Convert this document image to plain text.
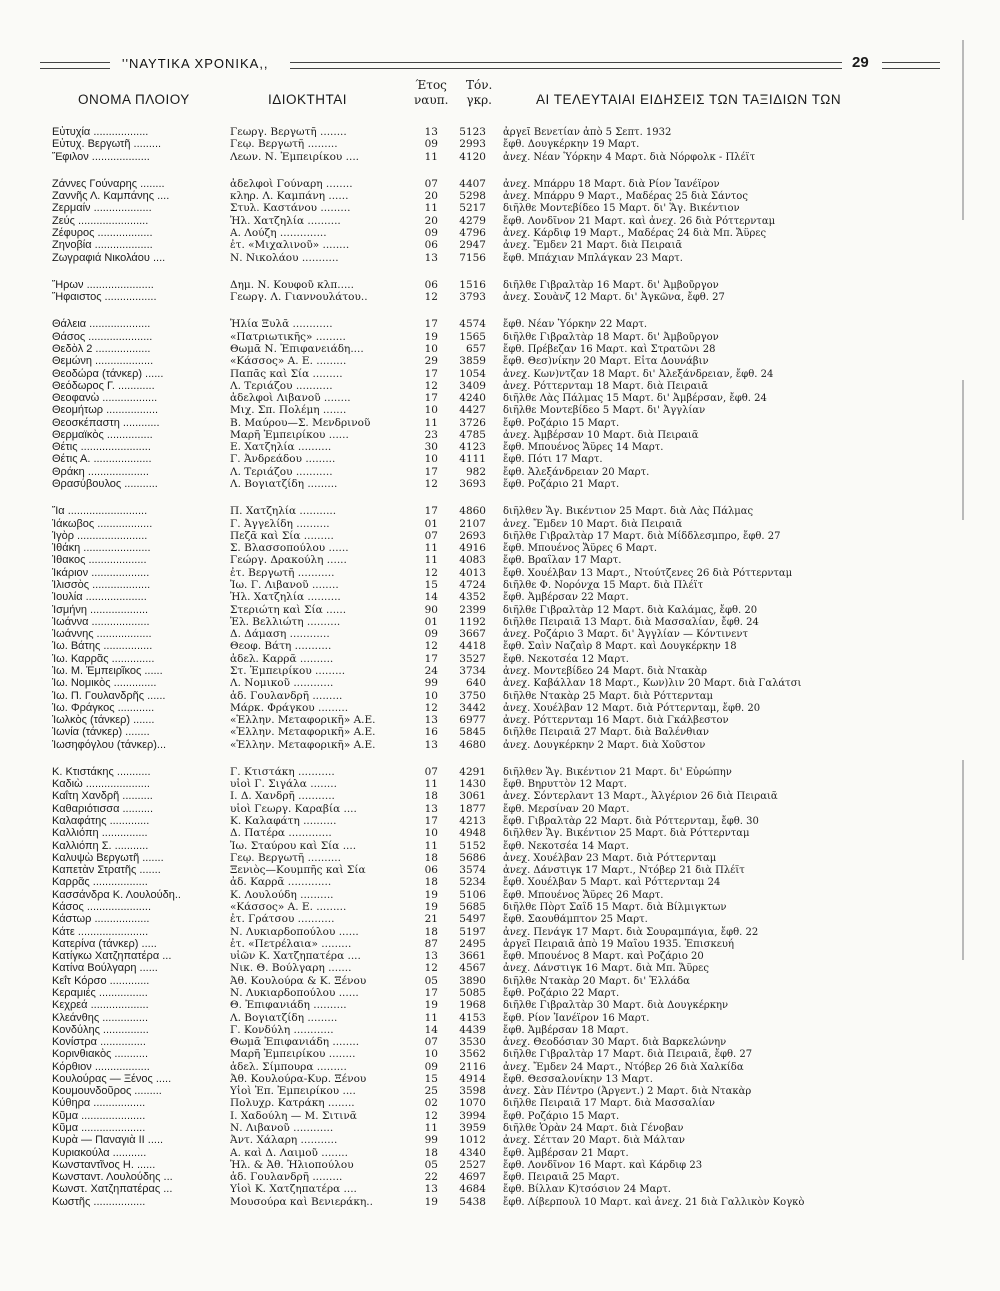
''ΝΑΥΤΙΚΑ ΧΡΟΝΙΚΑ,,	29
ΟΝΟΜΑ ΠΛΟΙΟΥ	ΙΔΙΟΚΤΗΤΑΙ
Έτος
ναυπ.
Τόν.
γκρ.	ΑΙ ΤΕΛΕΥΤΑΙΑΙ ΕΙΔΗΣΕΙΣ ΤΩΝ ΤΑΞΙΔΙΩΝ ΤΩΝ
Εὐτυχία ..................	Γεωργ. Βεργωτῆ ........	13	5123 ἀργεῖ Βενετίαν ἀπὸ 5 Σεπτ. 1932
Εὐτυχ. Βεργωτῆ .........	Γεῳ. Βεργωτῆ .........	09	2993 ἔφθ. Δουγκέρκην 19 Μαρτ.
Ἔφιλον ...................	Λεων. Ν. Ἐμπειρίκου ....	11	4120 ἀνεχ. Νέαν Ὑόρκην 4 Μαρτ. διὰ Νόρφολκ - Πλέϊτ
Ζάννες Γούναρης ........	ἀδελφοὶ Γούναρη ........	07	4407 ἀνεχ. Μπάρρυ 18 Μαρτ. διὰ Ρίον Ἰανέϊρον
Ζαννῆς Λ. Καμπάνης ....	κληρ. Λ. Καμπάνη ......	20	5298 ἀνεχ. Μπάρρυ 9 Μαρτ., Μαδέρας 25 διὰ Σάντος
Ζερμαίν ...................	Στυλ. Καστάνου .........	11	5217 διῆλθε Μοντεβίδεο 15 Μαρτ. δι' Ἅγ. Βικέντιον
Ζεύς .......................	Ἠλ. Χατζηλία ..........	20	4279 ἔφθ. Λονδῖνον 21 Μαρτ. καὶ ἀνεχ. 26 διὰ Ρόττερνταμ
Ζέφυρος ..................	Α. Λούζη ..............	09	4796 ἀνεχ. Κάρδιφ 19 Μαρτ., Μαδέρας 24 διὰ Μπ. Ἄϋρες
Ζηνοβία ...................	ἐτ. «Μιχαλινοῦ» ........	06	2947 ἀνεχ. Ἔμδεν 21 Μαρτ. διὰ Πειραιᾶ
Ζωγραφιά Νικολάου ....	Ν. Νικολάου ...........	13	7156 ἔφθ. Μπάχιαν Μπλάγκαν 23 Μαρτ.
Ἥρων ......................	Δημ. Ν. Κουφοῦ κλπ.....	06	1516 διῆλθε Γιβραλτὰρ 16 Μαρτ. δι' Ἀμβοῦργον
Ἥφαιστος .................	Γεωργ. Λ. Γιαννουλάτου..	12	3793 ἀνεχ. Σουὰνζ 12 Μαρτ. δι' Ἀγκῶνα, ἔφθ. 27
Θάλεια ....................	Ἠλία Ξυλᾶ ............	17	4574 ἔφθ. Νέαν Ὑόρκην 22 Μαρτ.
Θάσος .....................	«Πατριωτικῆς» .........	19	1565 διῆλθε Γιβραλτὰρ 18 Μαρτ. δι' Ἀμβοῦργον
Θεδὸλ 2 ..................	Θωμᾶ Ν. Ἐπιφανειάδη....	10	657 ἔφθ. Πρέβεζαν 16 Μαρτ. καὶ Στρατῶνι 28
Θεμώνη ...................	«Κάσσος» Α. Ε. .........	29	3859 ἔφθ. Θεσ)νίκην 20 Μαρτ. Εἶτα Δουνάβιν
Θεοδώρα (τάνκερ) ......	Παπᾶς καὶ Σία .........	17	1054 ἀνεχ. Κων)ντζαν 18 Μαρτ. δι' Ἀλεξάνδρειαν, ἔφθ. 24
Θεόδωρος Γ. ............	Λ. Τεριάζου ...........	12	3409 ἀνεχ. Ρόττερνταμ 18 Μαρτ. διὰ Πειραιᾶ
Θεοφανὼ ..................	ἀδελφοὶ Λιβανοῦ ........	17	4240 διῆλθε Λὰς Πάλμας 15 Μαρτ. δι' Ἀμβέρσαν, ἔφθ. 24
Θεομήτωρ .................	Μιχ. Σπ. Πολέμη .......	10	4427 διῆλθε Μοντεβίδεο 5 Μαρτ. δι' Ἀγγλίαν
Θεοσκέπαστη ............	Β. Μαύρου—Σ. Μενδρινοῦ	11	3726 ἔφθ. Ροζάριο 15 Μαρτ.
Θερμαϊκὸς ...............	Μαρῆ Ἐμπειρίκου ......	23	4785 ἀνεχ. Ἀμβέρσαν 10 Μαρτ. διὰ Πειραιᾶ
Θέτις .......................	Ε. Χατζηλία ..........	30	4123 ἔφθ. Μπουένος Ἄϋρες 14 Μαρτ.
Θέτις Α. ...................	Γ. Ἀνδρεάδου .........	10	4111 ἔφθ. Πότι 17 Μαρτ.
Θράκη ....................	Λ. Τεριάζου ...........	17	982 ἔφθ. Ἀλεξάνδρειαν 20 Μαρτ.
Θρασύβουλος ...........	Λ. Βογιατζίδη .........	12	3693 ἔφθ. Ροζάριο 21 Μαρτ.
Ἴα ..........................	Π. Χατζηλία ...........	17	4860 διῆλθεν Ἅγ. Βικέντιον 25 Μαρτ. διὰ Λὰς Πάλμας
Ἰάκωβος ..................	Γ. Ἀγγελίδη ..........	01	2107 ἀνεχ. Ἔμδεν 10 Μαρτ. διὰ Πειραιᾶ
Ἰγὸρ .......................	Πεζᾶ καὶ Σία .........	07	2693 διῆλθε Γιβραλτὰρ 17 Μαρτ. διὰ Μίδδλεσμπρο, ἔφθ. 27
Ἰθάκη ......................	Σ. Βλασσοπούλου ......	11	4916 ἔφθ. Μπουένος Ἄϋρες 6 Μαρτ.
Ἰθακος ...................	Γεώργ. Δρακούλη ......	11	4083 ἔφθ. Βραΐλαν 17 Μαρτ.
Ἰκάριον ...................	ἐτ. Βεργωτῆ ...........	12	4013 ἔφθ. Χουέλβαν 13 Μαρτ., Ντούτζενες 26 διὰ Ρόττερνταμ
Ἰλισσὸς ...................	Ἰω. Γ. Λιβανοῦ ........	15	4724 διῆλθε Φ. Νορόνχα 15 Μαρτ. διὰ Πλέϊτ
Ἰουλία ....................	Ἠλ. Χατζηλία ..........	14	4352 ἔφθ. Ἀμβέρσαν 22 Μαρτ.
Ἰσμήνη ...................	Στεριώτη καὶ Σία ......	90	2399 διῆλθε Γιβραλτὰρ 12 Μαρτ. διὰ Καλάμας, ἔφθ. 20
Ἰωάννα ...................	Ἐλ. Βελλιώτη ..........	01	1192 διῆλθε Πειραιᾶ 13 Μαρτ. διὰ Μασσαλίαν, ἔφθ. 24
Ἰωάννης ..................	Δ. Δάμαση ............	09	3667 ἀνεχ. Ροζάριο 3 Μαρτ. δι' Ἀγγλίαν — Κόντινεντ
Ἰω. Βάτης ................	Θεοφ. Βάτη ...........	12	4418 ἔφθ. Σαὶν Ναζαὶρ 8 Μαρτ. καὶ Δουγκέρκην 18
Ἰω. Καρρᾶς ..............	ἀδελ. Καρρᾶ ..........	17	3527 ἔφθ. Νεκοτσέα 12 Μαρτ.
Ἰω. Μ. Ἐμπειρῖκος ......	Στ. Ἐμπειρίκου .........	24	3734 ἀνεχ. Μοντεβίδεο 24 Μαρτ. διὰ Ντακὰρ
Ἰω. Νομικὸς ..............	Λ. Νομικοῦ ............	99	640 ἀνεχ. Καβάλλαν 18 Μαρτ., Κων)λιν 20 Μαρτ. διὰ Γαλάτσι
Ἰω. Π. Γουλανδρῆς ......	ἀδ. Γουλανδρῆ .........	10	3750 διῆλθε Ντακὰρ 25 Μαρτ. διὰ Ρόττερνταμ
Ἰω. Φράγκος ............	Μάρκ. Φράγκου .........	12	3442 ἀνεχ. Χουέλβαν 12 Μαρτ. διὰ Ρόττερνταμ, ἔφθ. 20
Ἰωλκὸς (τάνκερ) .......	«Ἑλλην. Μεταφορικῆ» Α.Ε.	13	6977 ἀνεχ. Ρόττερνταμ 16 Μαρτ. διὰ Γκάλβεστον
Ἰωνία (τάνκερ) ........	«Ἑλλην. Μεταφορικῆ» Α.Ε.	16	5845 διῆλθε Πειραιᾶ 27 Μαρτ. διὰ Βαλένθιαν
Ἰωσηφόγλου (τάνκερ)...	«Ἑλλην. Μεταφορικῆ» Α.Ε.	13	4680 ἀνεχ. Δουγκέρκην 2 Μαρτ. διὰ Χοῦστον
Κ. Κτιστάκης ...........	Γ. Κτιστάκη ...........	07	4291 διῆλθεν Ἅγ. Βικέντιον 21 Μαρτ. δι' Εὐρώπην
Καδιὼ .....................	υἱοὶ Γ. Σιγάλα ........	11	1430 ἔφθ. Βηρυττὸν 12 Μαρτ.
Καΐτη Χανδρῆ ..........	Ι. Δ. Χανδρῆ ...........	18	3061 ἀνεχ. Σόντερλαντ 13 Μαρτ., Ἀλγέριον 26 διὰ Πειραιᾶ
Καθαριότισσα ..........	υἱοὶ Γεωργ. Καραβία ....	13	1877 ἔφθ. Μερσίναν 20 Μαρτ.
Καλαφάτης .............	Κ. Καλαφάτη ..........	17	4213 ἔφθ. Γιβραλτὰρ 22 Μαρτ. διὰ Ρόττερνταμ, ἔφθ. 30
Καλλιόπη ...............	Δ. Πατέρα .............	10	4948 διῆλθεν Ἅγ. Βικέντιον 25 Μαρτ. διὰ Ρόττερνταμ
Καλλιόπη Σ. ...........	Ἰω. Σταύρου καὶ Σία ....	11	5152 ἔφθ. Νεκοτσέα 14 Μαρτ.
Καλυψὼ Βεργωτῆ .......	Γεῳ. Βεργωτῆ ..........	18	5686 ἀνεχ. Χουέλβαν 23 Μαρτ. διὰ Ρόττερνταμ
Καπετὰν Στρατῆς .......	Ξενιὸς—Κουμπῆς καὶ Σία	06	3574 ἀνεχ. Δάνστιγκ 17 Μαρτ., Ντόβερ 21 διὰ Πλέϊτ
Καρρᾶς ..................	ἀδ. Καρρᾶ .............	18	5234 ἔφθ. Χουέλβαν 5 Μαρτ. καὶ Ρόττερνταμ 24
Κασσάνδρα Κ. Λουλούδη..	Κ. Λουλούδη ..........	19	5106 ἔφθ. Μπουένος Ἄϋρες 26 Μαρτ.
Κάσος .....................	«Κάσσος» Α. Ε. .........	19	5685 διῆλθε Πὸρτ Σαΐδ 15 Μαρτ. διὰ Βίλμιγκτων
Κάστωρ ..................	ἐτ. Γράτσου ...........	21	5497 ἔφθ. Σαουθάμπτον 25 Μαρτ.
Κάτε .......................	Ν. Λυκιαρδοπούλου ......	18	5197 ἀνεχ. Πενάγκ 17 Μαρτ. διὰ Σουραμπάγια, ἔφθ. 22
Κατερίνα (τάνκερ) .....	ἐτ. «Πετρέλαια» .........	87	2495 ἀργεῖ Πειραιᾶ ἀπὸ 19 Μαΐου 1935. Ἐπισκευή
Κατίγκω Χατζηπατέρα ...	υἱῶν Κ. Χατζηπατέρα ....	13	3661 ἔφθ. Μπουένος 8 Μαρτ. καὶ Ροζάριο 20
Κατίνα Βούλγαρη ......	Νικ. Θ. Βούλγαρη .......	12	4567 ἀνεχ. Δάνστιγκ 16 Μαρτ. διὰ Μπ. Ἄϋρες
Κεΐτ Κόρσο .............	Ἀθ. Κουλούρα & Κ. Ξένου	05	3890 διῆλθε Ντακὰρ 20 Μαρτ. δι' Ἑλλάδα
Κεραμιές ................	Ν. Λυκιαρδοπούλου ......	17	5085 ἔφθ. Ροζάριο 22 Μαρτ.
Κεχρεά ...................	Θ. Ἐπιφανιάδη ..........	19	1968 διῆλθε Γιβραλτὰρ 30 Μαρτ. διὰ Δουγκέρκην
Κλεάνθης ...............	Λ. Βογιατζίδη .........	11	4153 ἔφθ. Ρίον Ἰανέϊρον 16 Μαρτ.
Κονδύλης ...............	Γ. Κονδύλη ............	14	4439 ἔφθ. Ἀμβέρσαν 18 Μαρτ.
Κονίστρα ...............	Θωμᾶ Ἐπιφανιάδη ........	07	3530 ἀνεχ. Θεοδόσιαν 30 Μαρτ. διὰ Βαρκελώνην
Κορινθιακὸς ...........	Μαρῆ Ἐμπειρίκου ........	10	3562 διῆλθε Γιβραλτὰρ 17 Μαρτ. διὰ Πειραιᾶ, ἔφθ. 27
Κόρθιον ..................	ἀδελ. Σίμπουρα .........	09	2116 ἀνεχ. Ἔμδεν 24 Μαρτ., Ντόβερ 26 διὰ Χαλκίδα
Κουλούρας — Ξένος .....	Ἀθ. Κουλούρα-Κυρ. Ξένου	15	4914 ἔφθ. Θεσσαλονίκην 13 Μαρτ.
Κουμουνδοῦρος .........	Υἱοὶ Ἐπ. Ἐμπειρίκου ....	25	3598 ἀνεχ. Σὰν Πέντρο (Ἀργεντ.) 2 Μαρτ. διὰ Ντακὰρ
Κύθηρα .................	Πολυχρ. Κατράκη ........	02	1070 διῆλθε Πειραιᾶ 17 Μαρτ. διὰ Μασσαλίαν
Κῦμα .....................	Ι. Χαδούλη — Μ. Σιτινᾶ	12	3994 ἔφθ. Ροζάριο 15 Μαρτ.
Κῦμα .....................	Ν. Λιβανοῦ ............	11	3959 διῆλθε Ὁρὰν 24 Μαρτ. διὰ Γένοβαν
Κυρὰ — Παναγιὰ ΙΙ .....	Ἀντ. Χάλαρη ...........	99	1012 ἀνεχ. Σέτταν 20 Μαρτ. διὰ Μάλταν
Κυριακούλα ...........	Α. καὶ Δ. Λαιμοῦ ........	18	4340 ἔφθ. Ἀμβέρσαν 21 Μαρτ.
Κωνσταντῖνος Η. ......	Ἠλ. & Ἀθ. Ἠλιοπούλου	05	2527 ἔφθ. Λονδῖνον 16 Μαρτ. καὶ Κάρδιφ 23
Κωνσταντ. Λουλούδης ...	ἀδ. Γουλανδρῆ .........	22	4697 ἔφθ. Πειραιᾶ 25 Μαρτ.
Κωνστ. Χατζηπατέρας ...	Υἱοὶ Κ. Χατζηπατέρα ....	13	4684 ἔφθ. Βίλλαν Κ)τσόσιον 24 Μαρτ.
Κωστῆς .................	Μουσούρα καὶ Βενιεράκη..	19	5438 ἔφθ. Λίβερπουλ 10 Μαρτ. καὶ ἀνεχ. 21 διὰ Γαλλικὸν Κογκὸ
